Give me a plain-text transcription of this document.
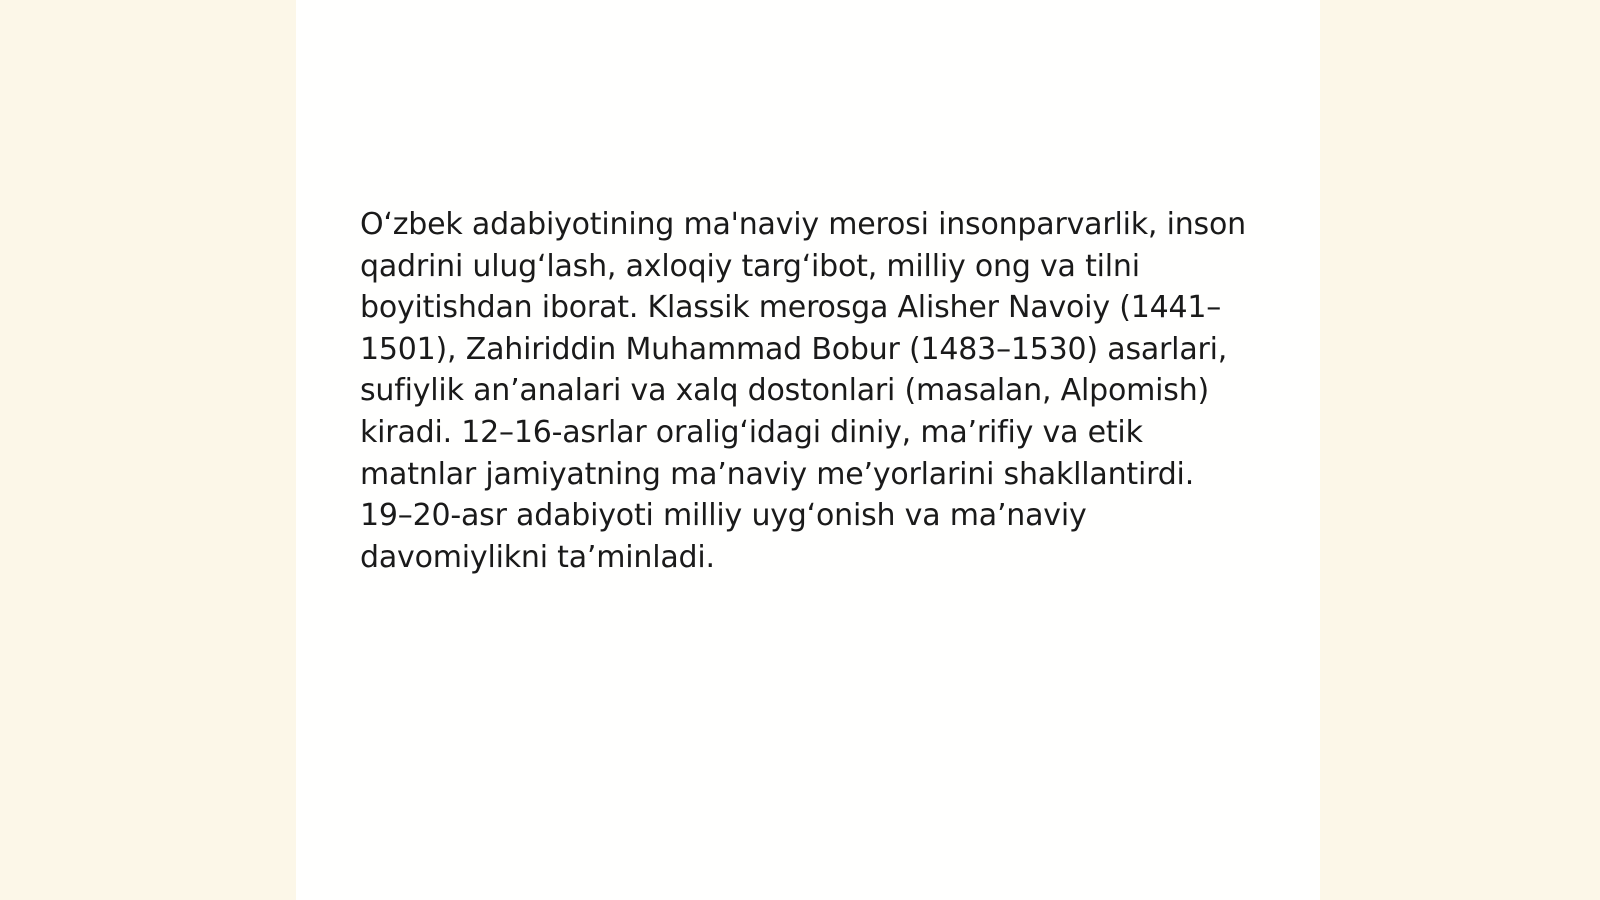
O‘zbek adabiyotining ma'naviy merosi insonparvarlik, inson qadrini ulug‘lash, axloqiy targ‘ibot, milliy ong va tilni boyitishdan iborat. Klassik merosga Alisher Navoiy (1441–1501), Zahiriddin Muhammad Bobur (1483–1530) asarlari, sufiylik an’analari va xalq dostonlari (masalan, Alpomish) kiradi. 12–16-asrlar oralig‘idagi diniy, ma’rifiy va etik matnlar jamiyatning ma’naviy me’yorlarini shakllantirdi. 19–20-asr adabiyoti milliy uyg‘onish va ma’naviy davomiylikni ta’minladi.
